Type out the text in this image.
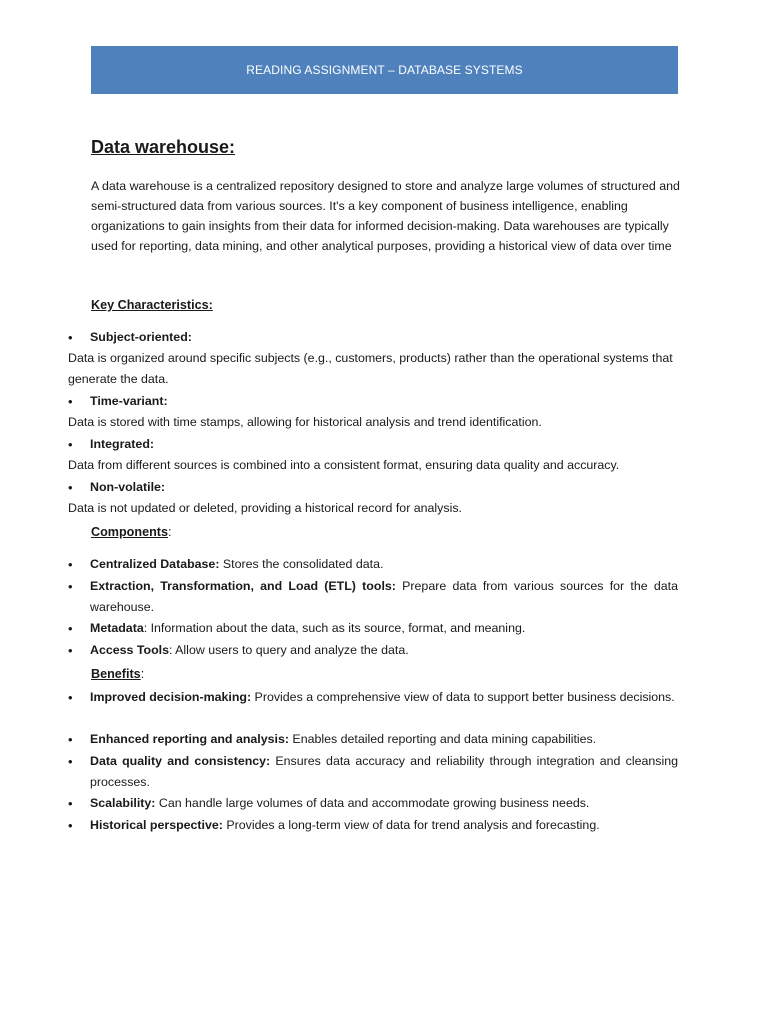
READING ASSIGNMENT – DATABASE SYSTEMS
Data warehouse:

A data warehouse is a centralized repository designed to store and analyze large volumes of structured and semi-structured data from various sources. It's a key component of business intelligence, enabling organizations to gain insights from their data for informed decision-making. Data warehouses are typically used for reporting, data mining, and other analytical purposes, providing a historical view of data over time

Key Characteristics:

• Subject-oriented:

Data is organized around specific subjects (e.g., customers, products) rather than the operational systems that generate the data.

• Time-variant:

Data is stored with time stamps, allowing for historical analysis and trend identification.

• Integrated:

Data from different sources is combined into a consistent format, ensuring data quality and accuracy.

• Non-volatile:

Data is not updated or deleted, providing a historical record for analysis.

Components:

• Centralized Database: Stores the consolidated data.
• Extraction, Transformation, and Load (ETL) tools: Prepare data from various sources for the data warehouse.
• Metadata: Information about the data, such as its source, format, and meaning.
• Access Tools: Allow users to query and analyze the data.

Benefits:

• Improved decision-making: Provides a comprehensive view of data to support better business decisions.
• Enhanced reporting and analysis: Enables detailed reporting and data mining capabilities.
• Data quality and consistency: Ensures data accuracy and reliability through integration and cleansing processes.
• Scalability: Can handle large volumes of data and accommodate growing business needs.
• Historical perspective: Provides a long-term view of data for trend analysis and forecasting.
